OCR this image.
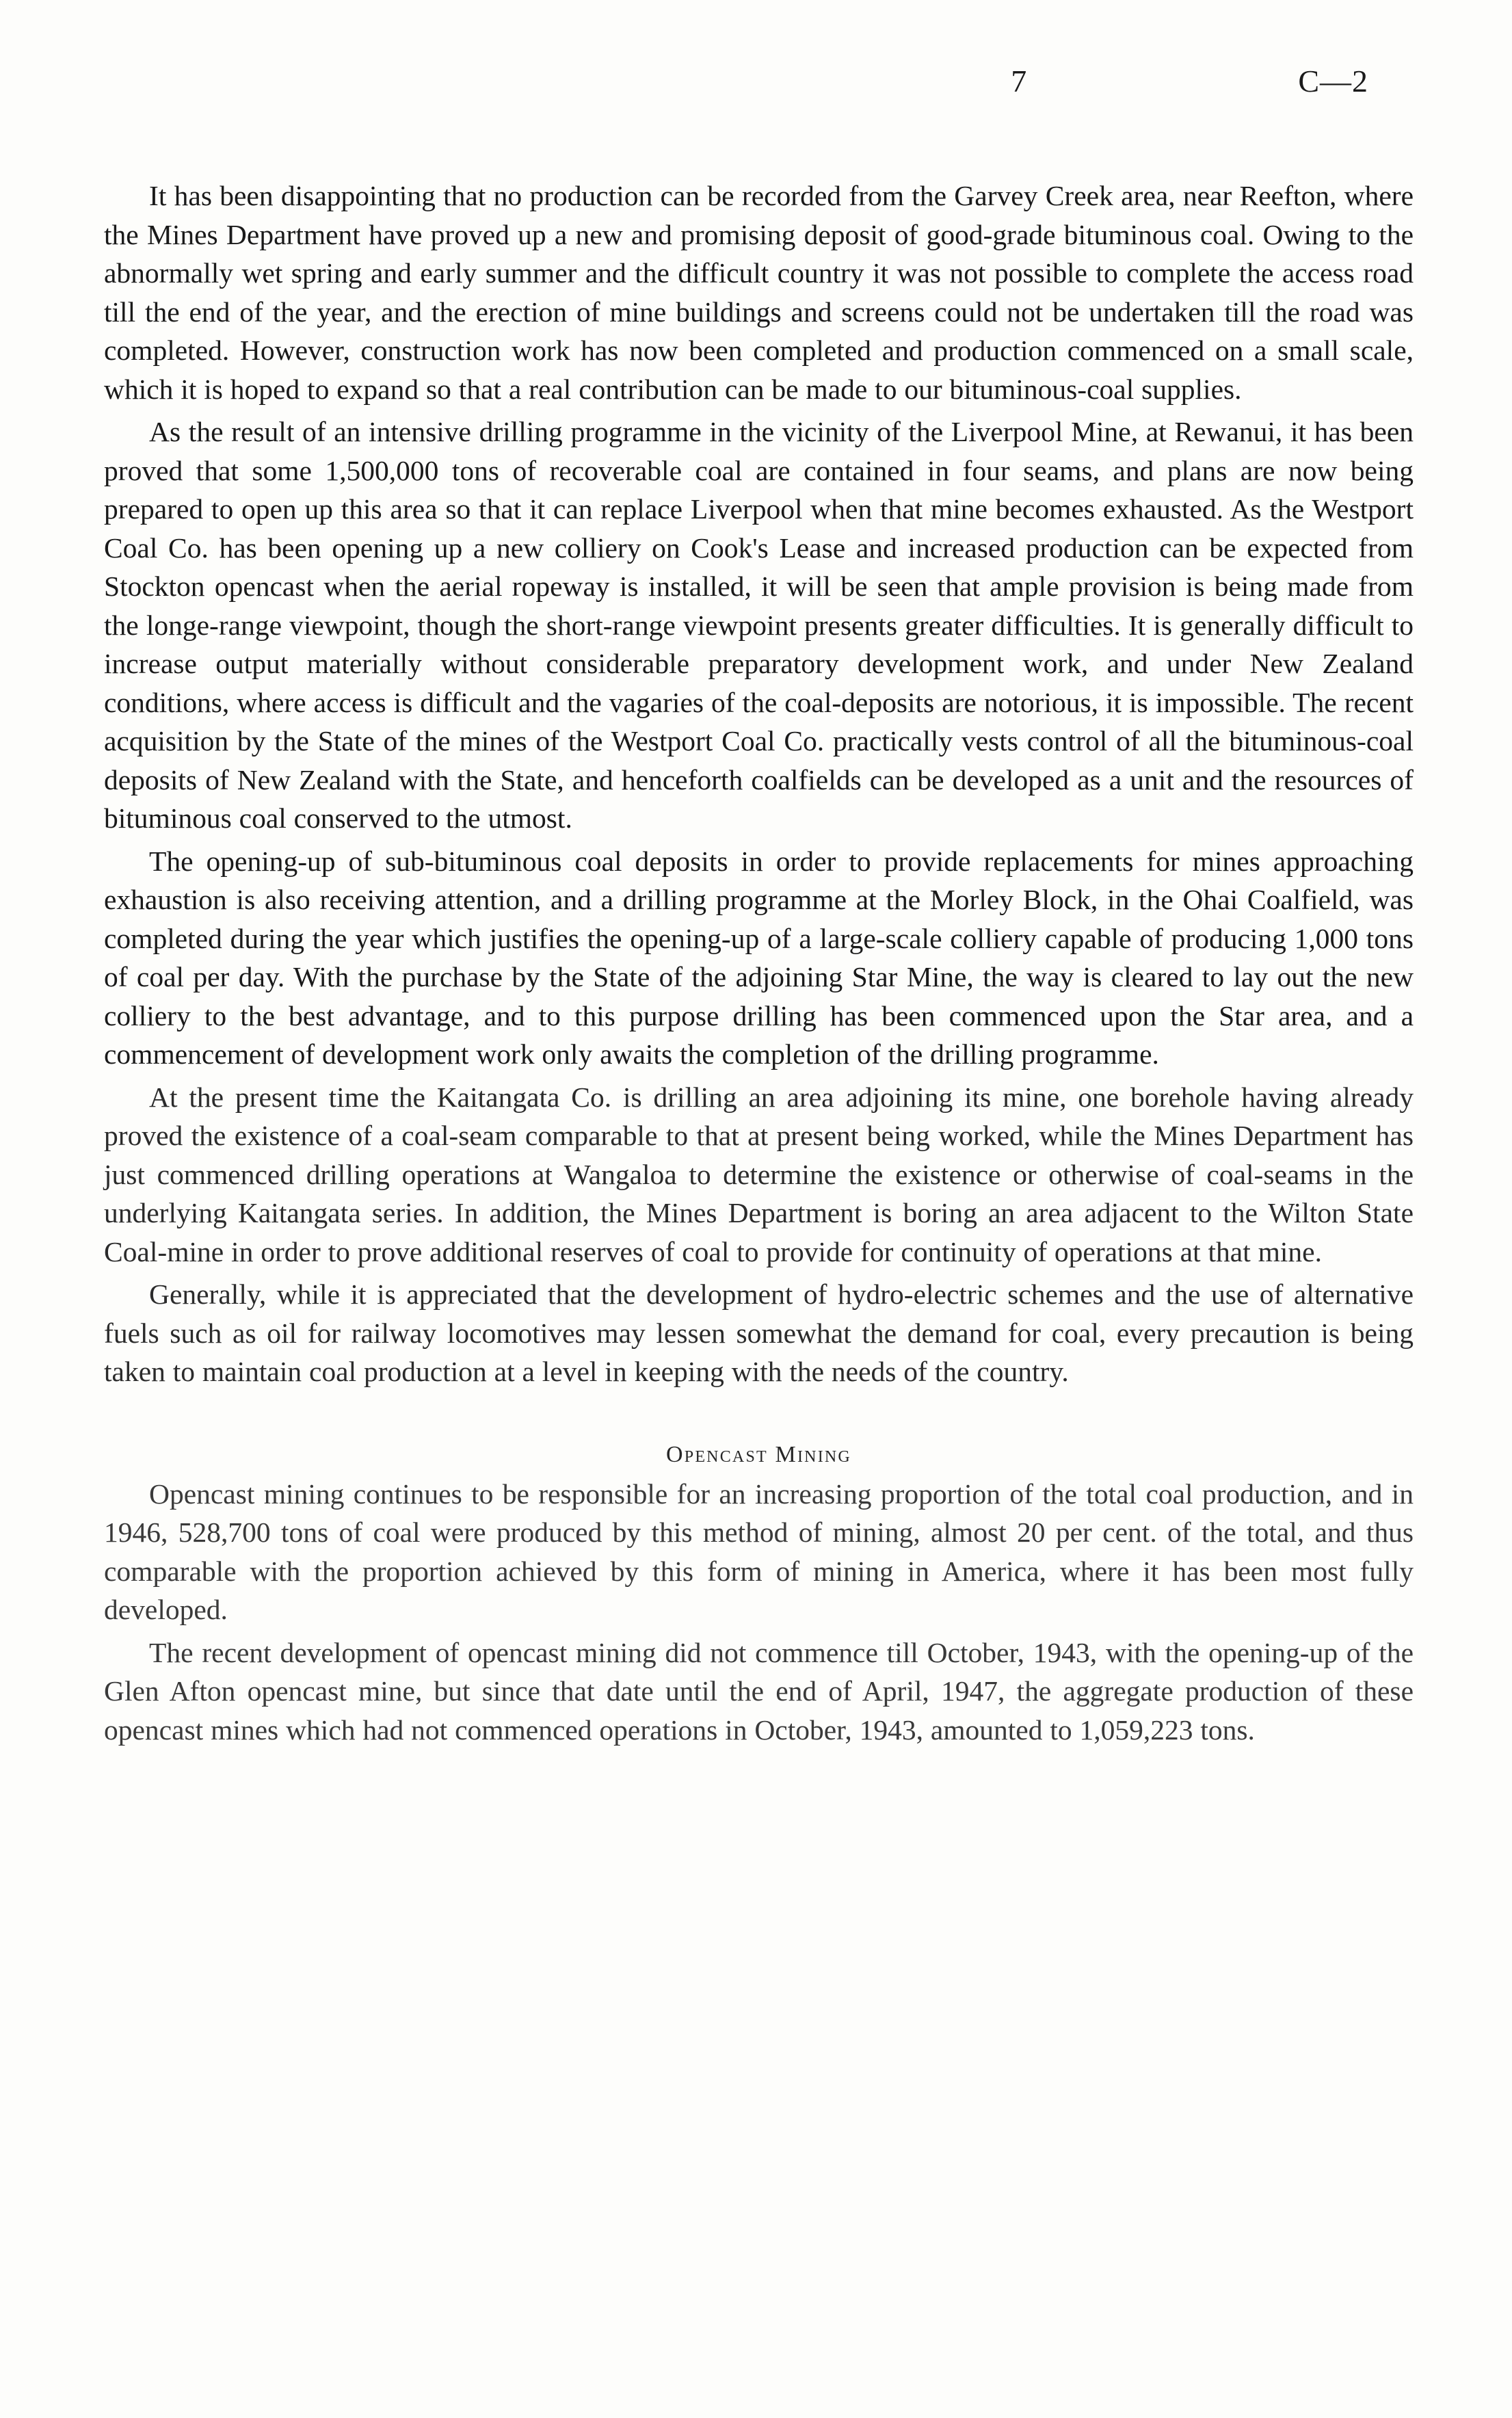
7	C—2

It has been disappointing that no production can be recorded from the Garvey Creek area, near Reefton, where the Mines Department have proved up a new and promising deposit of good-grade bituminous coal. Owing to the abnormally wet spring and early summer and the difficult country it was not possible to complete the access road till the end of the year, and the erection of mine buildings and screens could not be undertaken till the road was completed. However, construction work has now been completed and production commenced on a small scale, which it is hoped to expand so that a real contribution can be made to our bituminous-coal supplies.

As the result of an intensive drilling programme in the vicinity of the Liverpool Mine, at Rewanui, it has been proved that some 1,500,000 tons of recoverable coal are contained in four seams, and plans are now being prepared to open up this area so that it can replace Liverpool when that mine becomes exhausted. As the Westport Coal Co. has been opening up a new colliery on Cook's Lease and increased production can be expected from Stockton opencast when the aerial ropeway is installed, it will be seen that ample provision is being made from the longe-range viewpoint, though the short-range viewpoint presents greater difficulties. It is generally difficult to increase output materially without considerable preparatory development work, and under New Zealand conditions, where access is difficult and the vagaries of the coal-deposits are notorious, it is impossible. The recent acquisition by the State of the mines of the Westport Coal Co. practically vests control of all the bituminous-coal deposits of New Zealand with the State, and henceforth coalfields can be developed as a unit and the resources of bituminous coal conserved to the utmost.

The opening-up of sub-bituminous coal deposits in order to provide replacements for mines approaching exhaustion is also receiving attention, and a drilling programme at the Morley Block, in the Ohai Coalfield, was completed during the year which justifies the opening-up of a large-scale colliery capable of producing 1,000 tons of coal per day. With the purchase by the State of the adjoining Star Mine, the way is cleared to lay out the new colliery to the best advantage, and to this purpose drilling has been commenced upon the Star area, and a commencement of development work only awaits the completion of the drilling programme.

At the present time the Kaitangata Co. is drilling an area adjoining its mine, one borehole having already proved the existence of a coal-seam comparable to that at present being worked, while the Mines Department has just commenced drilling operations at Wangaloa to determine the existence or otherwise of coal-seams in the underlying Kaitangata series. In addition, the Mines Department is boring an area adjacent to the Wilton State Coal-mine in order to prove additional reserves of coal to provide for continuity of operations at that mine.

Generally, while it is appreciated that the development of hydro-electric schemes and the use of alternative fuels such as oil for railway locomotives may lessen somewhat the demand for coal, every precaution is being taken to maintain coal production at a level in keeping with the needs of the country.

Opencast Mining

Opencast mining continues to be responsible for an increasing proportion of the total coal production, and in 1946, 528,700 tons of coal were produced by this method of mining, almost 20 per cent. of the total, and thus comparable with the proportion achieved by this form of mining in America, where it has been most fully developed.

The recent development of opencast mining did not commence till October, 1943, with the opening-up of the Glen Afton opencast mine, but since that date until the end of April, 1947, the aggregate production of these opencast mines which had not commenced operations in October, 1943, amounted to 1,059,223 tons.
